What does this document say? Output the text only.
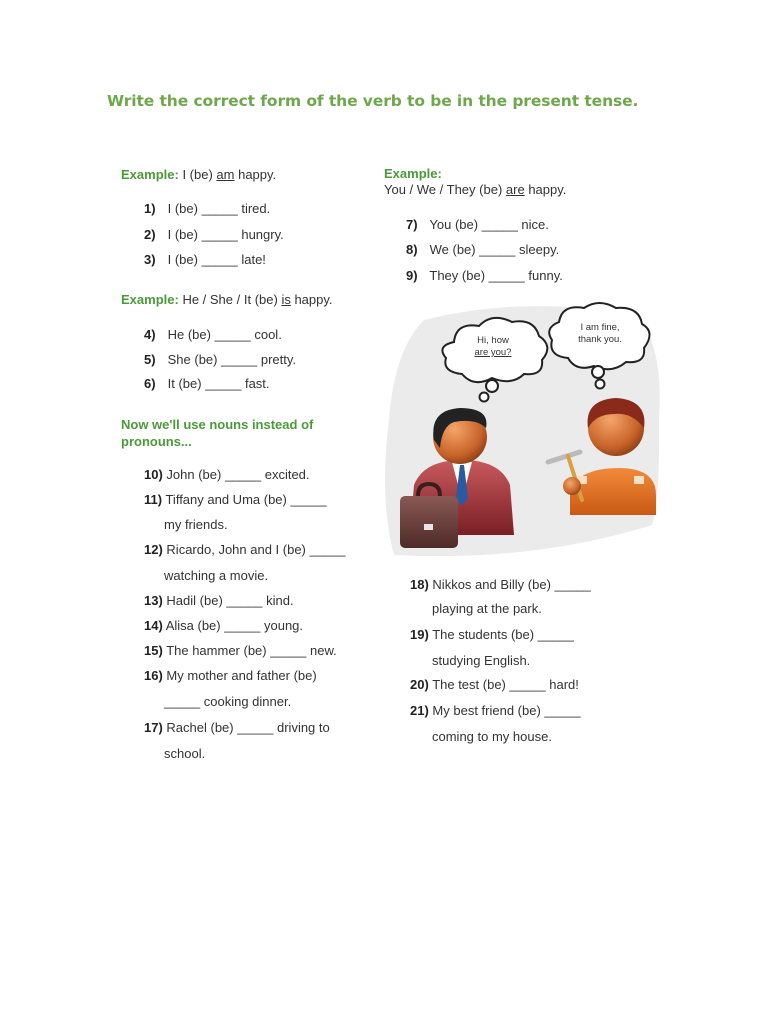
Write the correct form of the verb to be in the present tense.
Example: I (be) am happy.
1) I (be) _____ tired.
2) I (be) _____ hungry.
3) I (be) _____ late!
Example: He / She / It (be) is happy.
4) He (be) _____ cool.
5) She (be) _____ pretty.
6) It (be) _____ fast.
Now we'll use nouns instead of
pronouns...
10) John (be) _____ excited.
11) Tiffany and Uma (be) _____
my friends.
12) Ricardo, John and I (be) _____
watching a movie.
13) Hadil (be) _____ kind.
14) Alisa (be) _____ young.
15) The hammer (be) _____ new.
16) My mother and father (be)
_____ cooking dinner.
17) Rachel (be) _____ driving to
school.
Example:
You / We / They (be) are happy.
7) You (be) _____ nice.
8) We (be) _____ sleepy.
9) They (be) _____ funny.
Hi, how
are you?
I am fine,
thank you.
18) Nikkos and Billy (be) _____
playing at the park.
19) The students (be) _____
studying English.
20) The test (be) _____ hard!
21) My best friend (be) _____
coming to my house.
